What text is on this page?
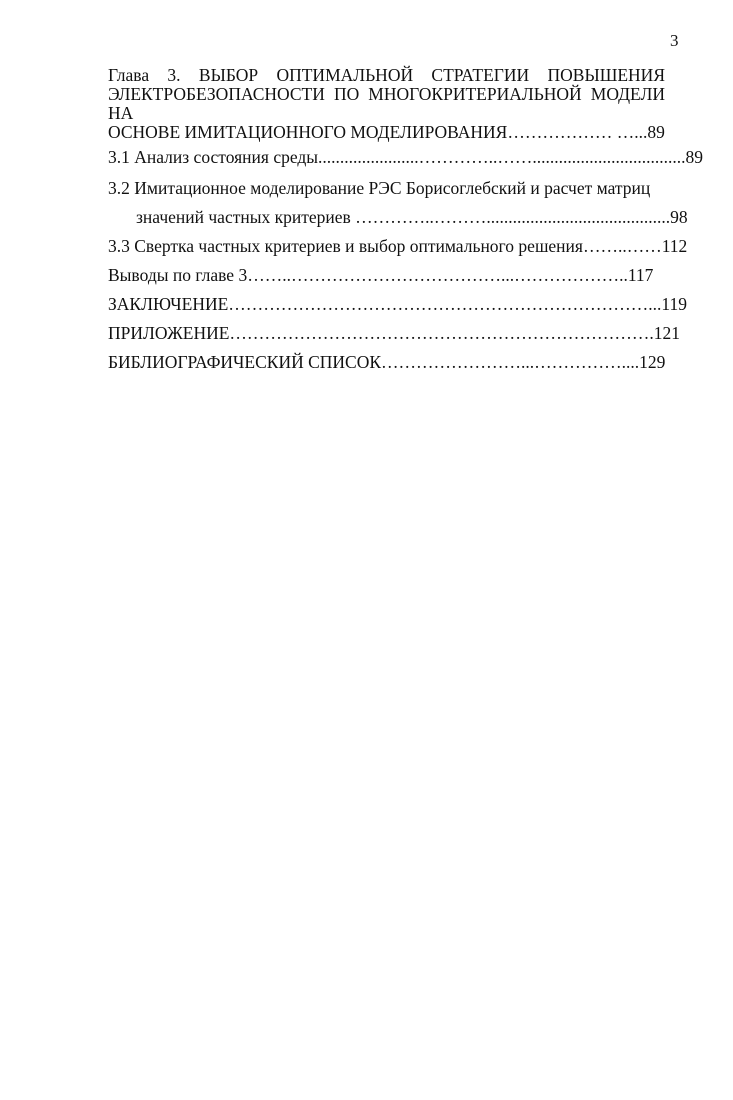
3
Глава 3. ВЫБОР ОПТИМАЛЬНОЙ СТРАТЕГИИ ПОВЫШЕНИЯ
ЭЛЕКТРОБЕЗОПАСНОСТИ ПО МНОГОКРИТЕРИАЛЬНОЙ МОДЕЛИ НА
ОСНОВЕ ИМИТАЦИОННОГО МОДЕЛИРОВАНИЯ……………… …...89
3.1 Анализ состояния среды.......................…………..……...................................89
3.2 Имитационное моделирование РЭС Борисоглебский и расчет матриц
значений частных критериев …………..………..........................................98
3.3 Свертка частных критериев и выбор оптимального решения……..……112
Выводы по главе 3……..………………………………...………………..117
ЗАКЛЮЧЕНИЕ………………………………………………………………...119
ПРИЛОЖЕНИЕ……………………………………………………………….121
БИБЛИОГРАФИЧЕСКИЙ СПИСОК……………………...……………....129
